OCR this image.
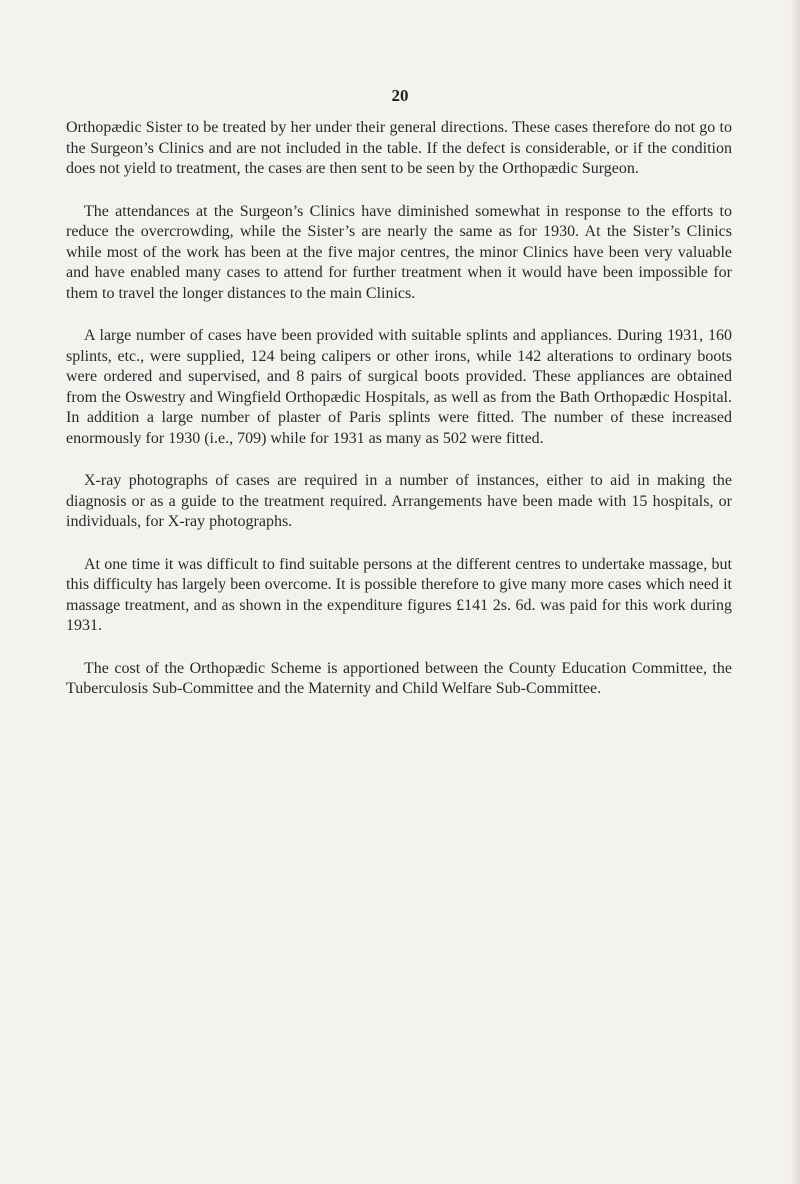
20

Orthopædic Sister to be treated by her under their general directions. These cases therefore do not go to the Surgeon’s Clinics and are not included in the table. If the defect is considerable, or if the condition does not yield to treatment, the cases are then sent to be seen by the Orthopædic Surgeon.

The attendances at the Surgeon’s Clinics have diminished somewhat in response to the efforts to reduce the overcrowding, while the Sister’s are nearly the same as for 1930. At the Sister’s Clinics while most of the work has been at the five major centres, the minor Clinics have been very valuable and have enabled many cases to attend for further treatment when it would have been impossible for them to travel the longer distances to the main Clinics.

A large number of cases have been provided with suitable splints and appliances. During 1931, 160 splints, etc., were supplied, 124 being calipers or other irons, while 142 alterations to ordinary boots were ordered and supervised, and 8 pairs of surgical boots provided. These appliances are obtained from the Oswestry and Wingfield Orthopædic Hospitals, as well as from the Bath Orthopædic Hospital. In addition a large number of plaster of Paris splints were fitted. The number of these increased enormously for 1930 (i.e., 709) while for 1931 as many as 502 were fitted.

X-ray photographs of cases are required in a number of instances, either to aid in making the diagnosis or as a guide to the treatment required. Arrangements have been made with 15 hospitals, or individuals, for X-ray photographs.

At one time it was difficult to find suitable persons at the different centres to undertake massage, but this difficulty has largely been overcome. It is possible therefore to give many more cases which need it massage treatment, and as shown in the expenditure figures £141 2s. 6d. was paid for this work during 1931.

The cost of the Orthopædic Scheme is apportioned between the County Education Committee, the Tuberculosis Sub-Committee and the Maternity and Child Welfare Sub-Committee.
